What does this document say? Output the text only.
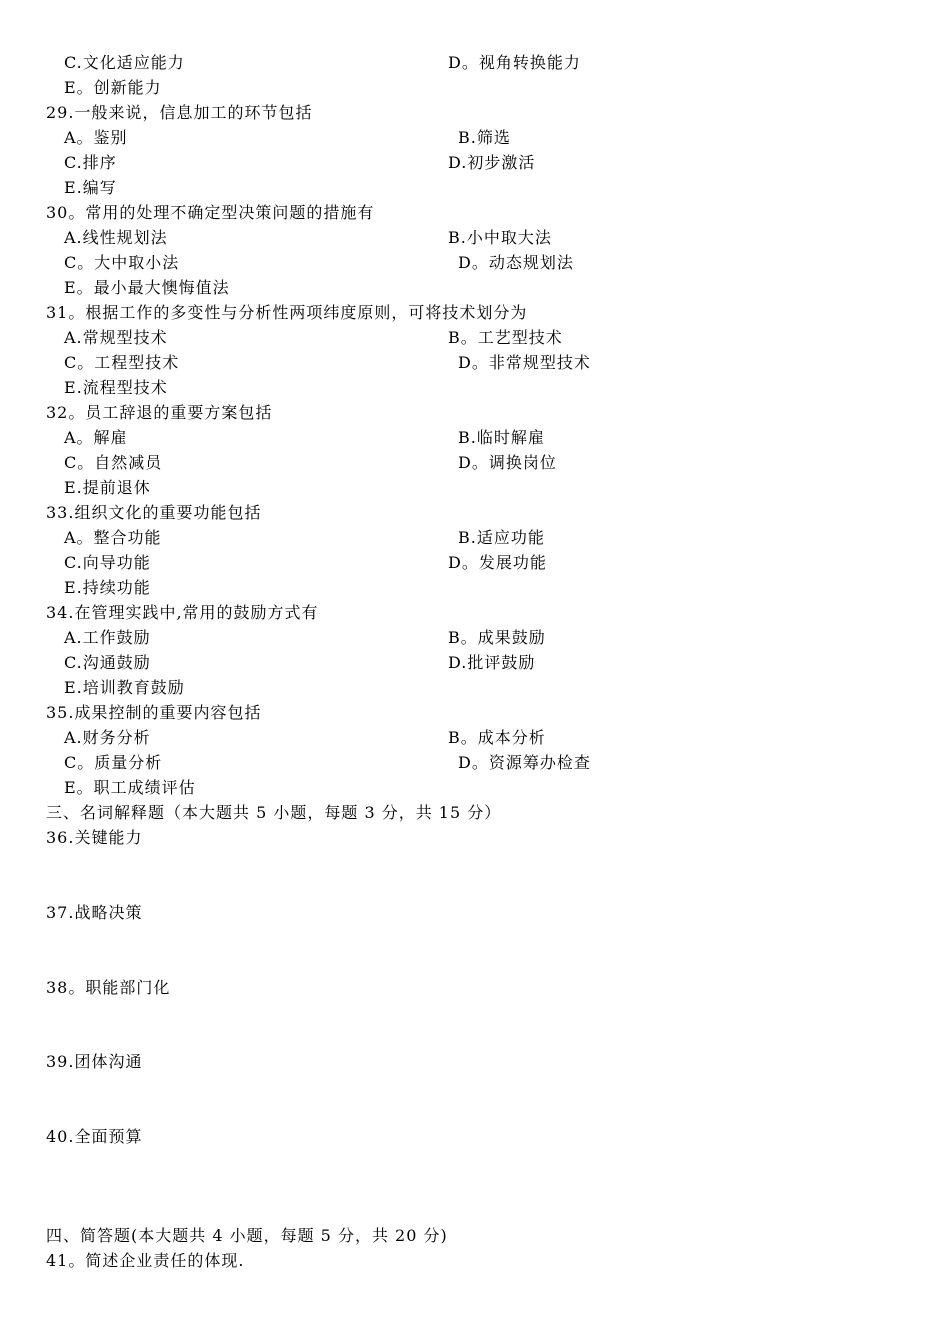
C.文化适应能力	D。视角转换能力
E。创新能力
29.一般来说，信息加工的环节包括
A。鉴别	B.筛选
C.排序	D.初步激活
E.编写
30。常用的处理不确定型决策问题的措施有
A.线性规划法	B.小中取大法
C。大中取小法	D。动态规划法
E。最小最大懊悔值法
31。根据工作的多变性与分析性两项纬度原则，可将技术划分为
A.常规型技术	B。工艺型技术
C。工程型技术	D。非常规型技术
E.流程型技术
32。员工辞退的重要方案包括
A。解雇	B.临时解雇
C。自然减员	D。调换岗位
E.提前退休
33.组织文化的重要功能包括
A。整合功能	B.适应功能
C.向导功能	D。发展功能
E.持续功能
34.在管理实践中,常用的鼓励方式有
A.工作鼓励	B。成果鼓励
C.沟通鼓励	D.批评鼓励
E.培训教育鼓励
35.成果控制的重要内容包括
A.财务分析	B。成本分析
C。质量分析	D。资源筹办检查
E。职工成绩评估
三、名词解释题（本大题共 5 小题，每题 3 分，共 15 分）
36.关键能力
37.战略决策
38。职能部门化
39.团体沟通
40.全面预算
四、简答题(本大题共 4 小题，每题 5 分，共 20 分)
41。简述企业责任的体现.
